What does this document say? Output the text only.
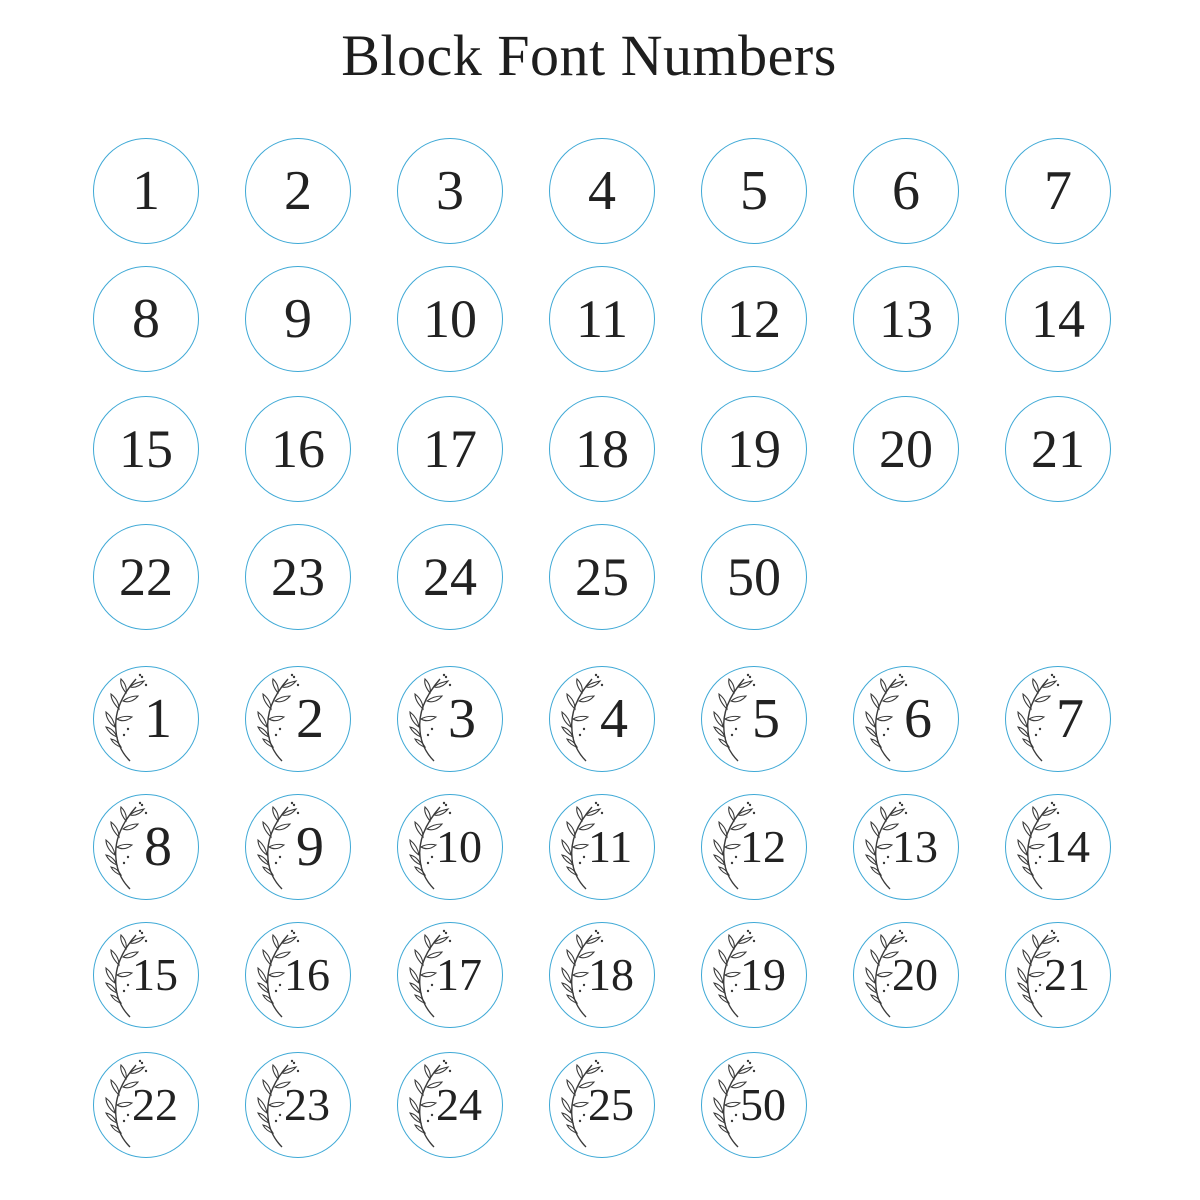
Block Font Numbers
1	2	3	4	5	6	7
8	9	10	11	12	13	14
15	16	17	18	19	20	21
22	23	24	25	50
1	2	3	4	5	6	7
8	9	10	11	12	13	14
15	16	17	18	19	20	21
22	23	24	25	50
